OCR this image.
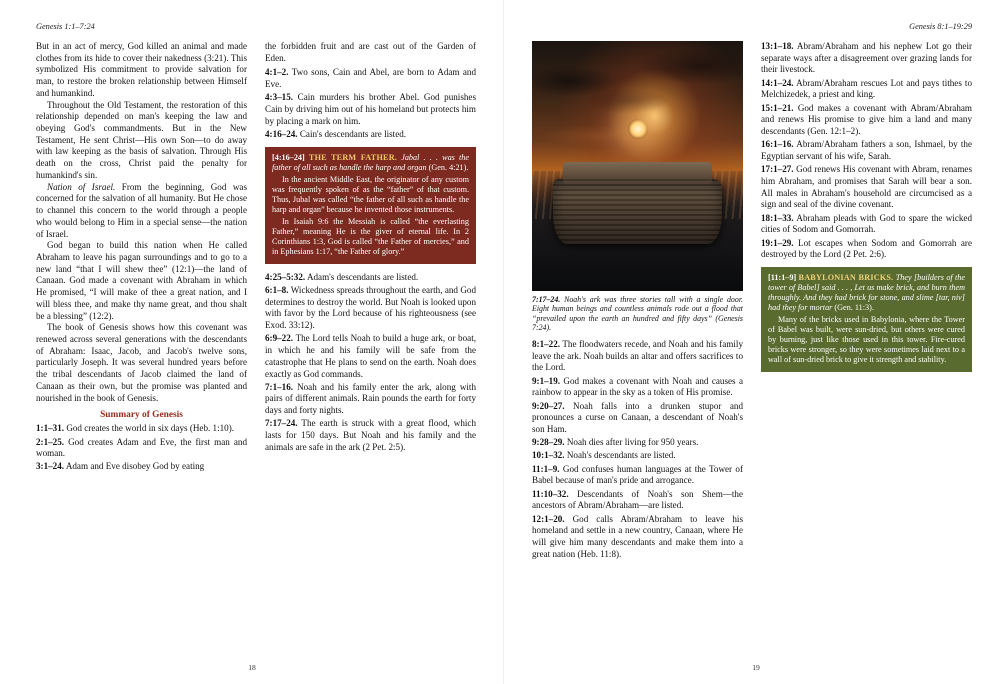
Genesis 1:1–7:24

But in an act of mercy, God killed an animal and made clothes from its hide to cover their nakedness (3:21). This symbolized His commitment to provide salvation for man, to restore the broken relationship between Himself and humankind.

Throughout the Old Testament, the restoration of this relationship depended on man's keeping the law and obeying God's commandments. But in the New Testament, He sent Christ—His own Son—to do away with law keeping as the basis of salvation. Through His death on the cross, Christ paid the penalty for humankind's sin.

Nation of Israel. From the beginning, God was concerned for the salvation of all humanity. But He chose to channel this concern to the world through a people who would belong to Him in a special sense—the nation of Israel.

God began to build this nation when He called Abraham to leave his pagan surroundings and to go to a new land “that I will shew thee” (12:1)—the land of Canaan. God made a covenant with Abraham in which He promised, “I will make of thee a great nation, and I will bless thee, and make thy name great, and thou shalt be a blessing” (12:2).

The book of Genesis shows how this covenant was renewed across several generations with the descendants of Abraham: Isaac, Jacob, and Jacob's twelve sons, particularly Joseph. It was several hundred years before the tribal descendants of Jacob claimed the land of Canaan as their own, but the promise was planted and nourished in the book of Genesis.

Summary of Genesis

1:1–31. God creates the world in six days (Heb. 1:10).

2:1–25. God creates Adam and Eve, the first man and woman.

3:1–24. Adam and Eve disobey God by eating

the forbidden fruit and are cast out of the Garden of Eden.

4:1–2. Two sons, Cain and Abel, are born to Adam and Eve.

4:3–15. Cain murders his brother Abel. God punishes Cain by driving him out of his homeland but protects him by placing a mark on him.

4:16–24. Cain's descendants are listed.

[4:16–24] THE TERM FATHER. Jabal . . . was the father of all such as handle the harp and organ (Gen. 4:21).

In the ancient Middle East, the originator of any custom was frequently spoken of as the “father” of that custom. Thus, Jubal was called “the father of all such as handle the harp and organ” because he invented those instruments.

In Isaiah 9:6 the Messiah is called “the everlasting Father,” meaning He is the giver of eternal life. In 2 Corinthians 1:3, God is called “the Father of mercies,” and in Ephesians 1:17, “the Father of glory.”

4:25–5:32. Adam's descendants are listed.

6:1–8. Wickedness spreads throughout the earth, and God determines to destroy the world. But Noah is looked upon with favor by the Lord because of his righteousness (see Exod. 33:12).

6:9–22. The Lord tells Noah to build a huge ark, or boat, in which he and his family will be safe from the catastrophe that He plans to send on the earth. Noah does exactly as God commands.

7:1–16. Noah and his family enter the ark, along with pairs of different animals. Rain pounds the earth for forty days and forty nights.

7:17–24. The earth is struck with a great flood, which lasts for 150 days. But Noah and his family and the animals are safe in the ark (2 Pet. 2:5).

18
Genesis 8:1–19:29
7:17–24. Noah's ark was three stories tall with a single door. Eight human beings and countless animals rode out a flood that “prevailed upon the earth an hundred and fifty days” (Genesis 7:24).

8:1–22. The floodwaters recede, and Noah and his family leave the ark. Noah builds an altar and offers sacrifices to the Lord.

9:1–19. God makes a covenant with Noah and causes a rainbow to appear in the sky as a token of His promise.

9:20–27. Noah falls into a drunken stupor and pronounces a curse on Canaan, a descendant of Noah's son Ham.

9:28–29. Noah dies after living for 950 years.

10:1–32. Noah's descendants are listed.

11:1–9. God confuses human languages at the Tower of Babel because of man's pride and arrogance.

11:10–32. Descendants of Noah's son Shem—the ancestors of Abram/Abraham—are listed.

12:1–20. God calls Abram/Abraham to leave his homeland and settle in a new country, Canaan, where He will give him many descendants and make them into a great nation (Heb. 11:8).

13:1–18. Abram/Abraham and his nephew Lot go their separate ways after a disagreement over grazing lands for their livestock.

14:1–24. Abram/Abraham rescues Lot and pays tithes to Melchizedek, a priest and king.

15:1–21. God makes a covenant with Abram/Abraham and renews His promise to give him a land and many descendants (Gen. 12:1–2).

16:1–16. Abram/Abraham fathers a son, Ishmael, by the Egyptian servant of his wife, Sarah.

17:1–27. God renews His covenant with Abram, renames him Abraham, and promises that Sarah will bear a son. All males in Abraham's household are circumcised as a sign and seal of the divine covenant.

18:1–33. Abraham pleads with God to spare the wicked cities of Sodom and Gomorrah.

19:1–29. Lot escapes when Sodom and Gomorrah are destroyed by the Lord (2 Pet. 2:6).

[11:1–9] BABYLONIAN BRICKS. They [builders of the tower of Babel] said . . . , Let us make brick, and burn them throughly. And they had brick for stone, and slime [tar, niv] had they for mortar (Gen. 11:3).

Many of the bricks used in Babylonia, where the Tower of Babel was built, were sun-dried, but others were cured by burning, just like those used in this tower. Fire-cured bricks were stronger, so they were sometimes laid next to a wall of sun-dried brick to give it strength and stability.

19
